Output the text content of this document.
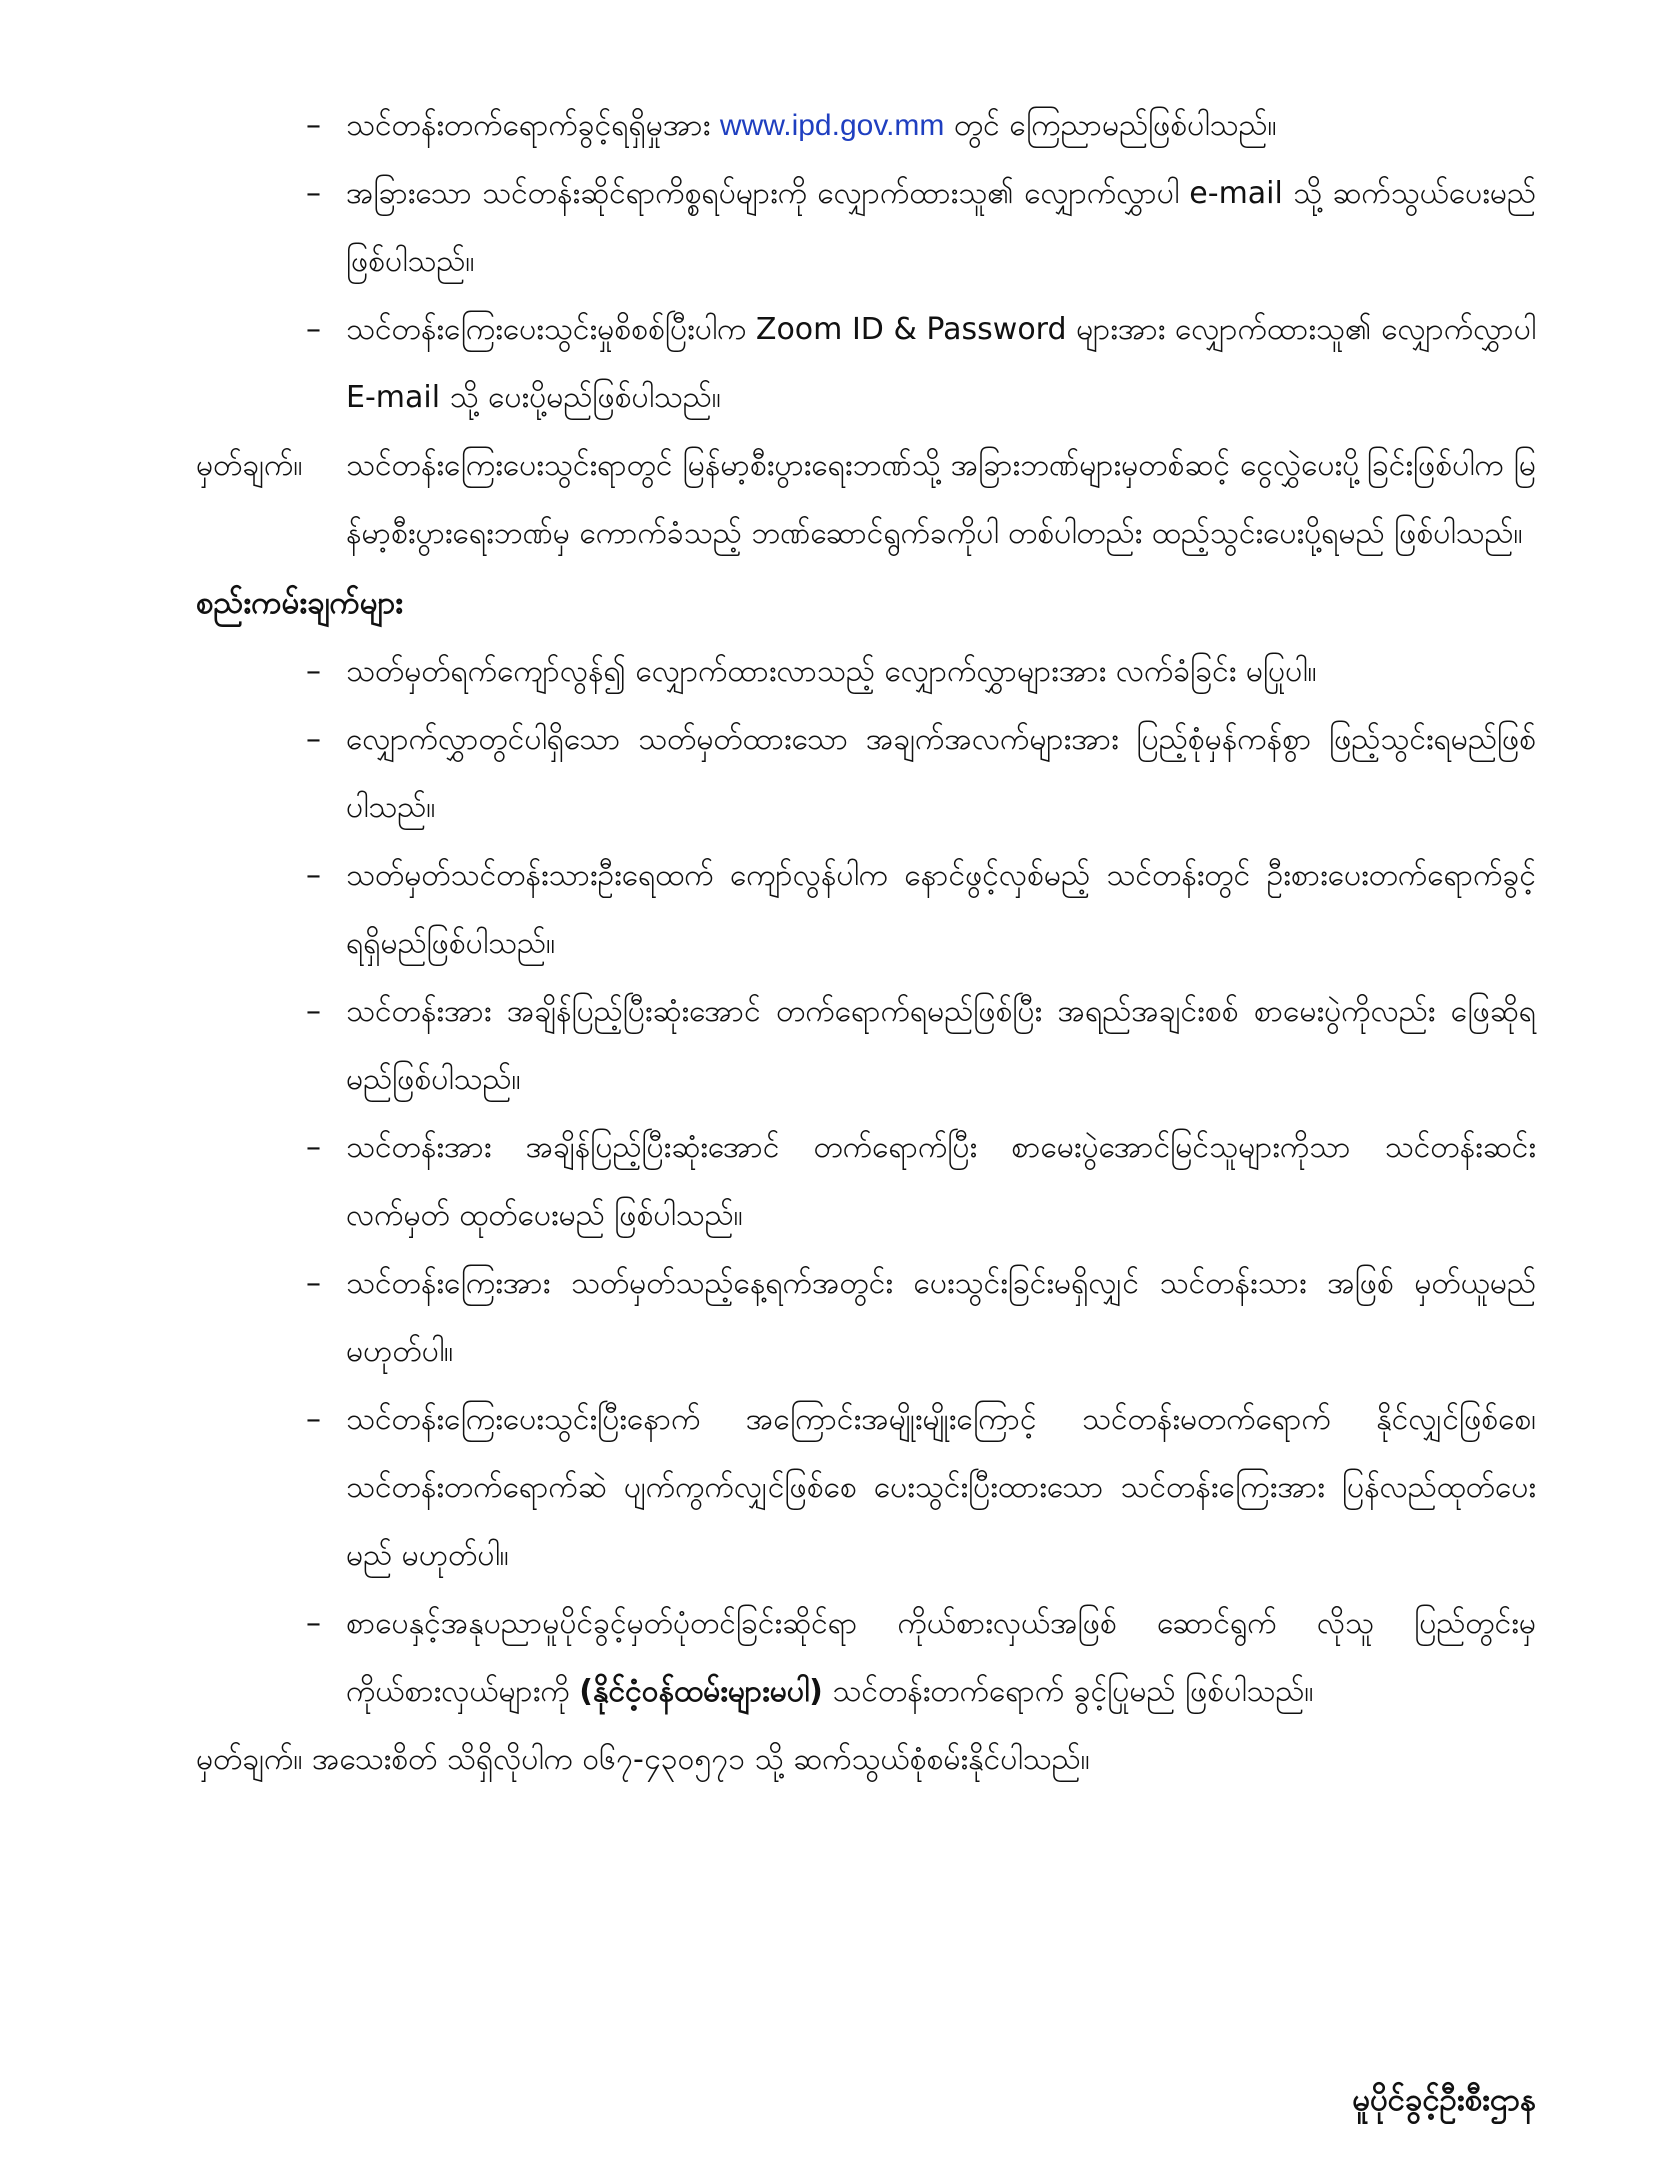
– သင်တန်းတက်ရောက်ခွင့်ရရှိမှုအား www.ipd.gov.mm တွင် ကြေညာမည်ဖြစ်ပါသည်။
– အခြားသော သင်တန်းဆိုင်ရာကိစ္စရပ်များကို လျှောက်ထားသူ၏ လျှောက်လွှာပါ e-mail သို့ ဆက်သွယ်ပေးမည် ဖြစ်ပါသည်။
– သင်တန်းကြေးပေးသွင်းမှုစိစစ်ပြီးပါက Zoom ID & Password များအား လျှောက်ထားသူ၏ လျှောက်လွှာပါ E-mail သို့ ပေးပို့မည်ဖြစ်ပါသည်။
မှတ်ချက်။ သင်တန်းကြေးပေးသွင်းရာတွင် မြန်မာ့စီးပွားရေးဘဏ်သို့ အခြားဘဏ်များမှတစ်ဆင့် ငွေလွှဲပေးပို့ခြင်းဖြစ်ပါက မြန်မာ့စီးပွားရေးဘဏ်မှ ကောက်ခံသည့် ဘဏ်ဆောင်ရွက်ခကိုပါ တစ်ပါတည်း ထည့်သွင်းပေးပို့ရမည် ဖြစ်ပါသည်။

စည်းကမ်းချက်များ

– သတ်မှတ်ရက်ကျော်လွန်၍ လျှောက်ထားလာသည့် လျှောက်လွှာများအား လက်ခံခြင်း မပြုပါ။
– လျှောက်လွှာတွင်ပါရှိသော သတ်မှတ်ထားသော အချက်အလက်များအား ပြည့်စုံမှန်ကန်စွာ ဖြည့်သွင်းရမည်ဖြစ်ပါသည်။
– သတ်မှတ်သင်တန်းသားဦးရေထက် ကျော်လွန်ပါက နောင်ဖွင့်လှစ်မည့် သင်တန်းတွင် ဦးစားပေးတက်ရောက်ခွင့် ရရှိမည်ဖြစ်ပါသည်။
– သင်တန်းအား အချိန်ပြည့်ပြီးဆုံးအောင် တက်ရောက်ရမည်ဖြစ်ပြီး အရည်အချင်းစစ် စာမေးပွဲကိုလည်း ဖြေဆိုရမည်ဖြစ်ပါသည်။
– သင်တန်းအား အချိန်ပြည့်ပြီးဆုံးအောင် တက်ရောက်ပြီး စာမေးပွဲအောင်မြင်သူများကိုသာ သင်တန်းဆင်းလက်မှတ် ထုတ်ပေးမည် ဖြစ်ပါသည်။
– သင်တန်းကြေးအား သတ်မှတ်သည့်နေ့ရက်အတွင်း ပေးသွင်းခြင်းမရှိလျှင် သင်တန်းသား အဖြစ် မှတ်ယူမည်မဟုတ်ပါ။
– သင်တန်းကြေးပေးသွင်းပြီးနောက် အကြောင်းအမျိုးမျိုးကြောင့် သင်တန်းမတက်ရောက် နိုင်လျှင်ဖြစ်စေ၊ သင်တန်းတက်ရောက်ဆဲ ပျက်ကွက်လျှင်ဖြစ်စေ ပေးသွင်းပြီးထားသော သင်တန်းကြေးအား ပြန်လည်ထုတ်ပေးမည် မဟုတ်ပါ။
– စာပေနှင့်အနုပညာမူပိုင်ခွင့်မှတ်ပုံတင်ခြင်းဆိုင်ရာ ကိုယ်စားလှယ်အဖြစ် ဆောင်ရွက် လိုသူ ပြည်တွင်းမှကိုယ်စားလှယ်များကို (နိုင်ငံ့ဝန်ထမ်းများမပါ) သင်တန်းတက်ရောက် ခွင့်ပြုမည် ဖြစ်ပါသည်။

မှတ်ချက်။ အသေးစိတ် သိရှိလိုပါက ၀၆၇-၄၃၀၅၇၁ သို့ ဆက်သွယ်စုံစမ်းနိုင်ပါသည်။

မူပိုင်ခွင့်ဦးစီးဌာန
